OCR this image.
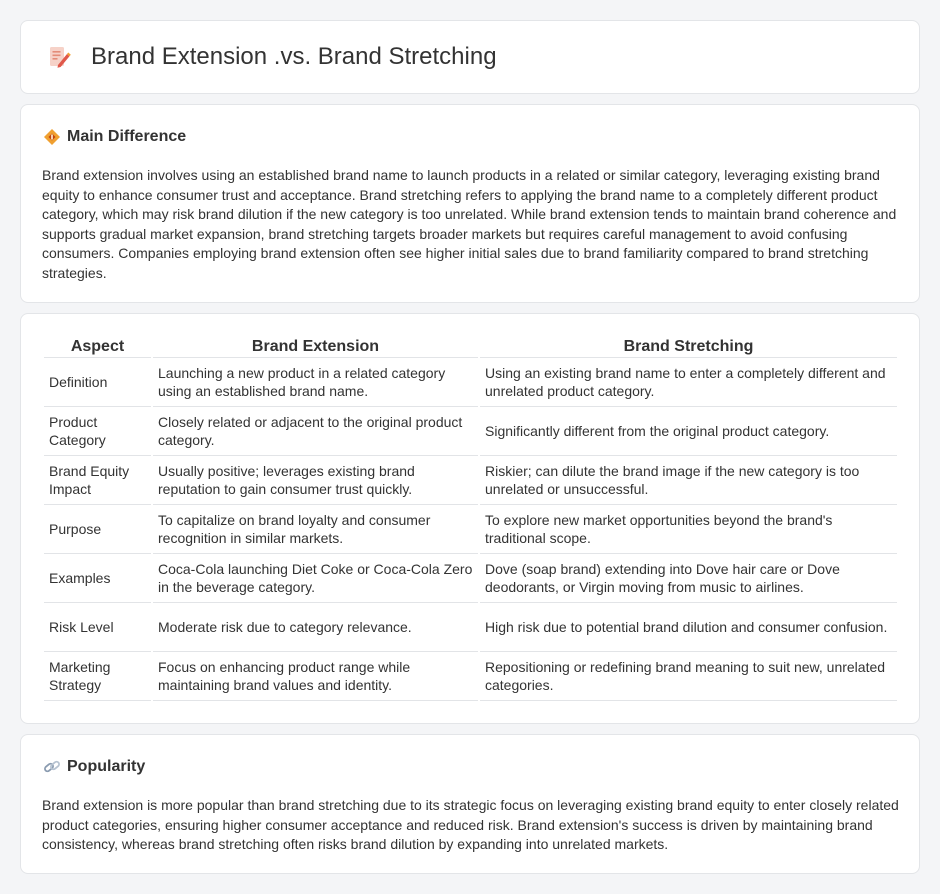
Brand Extension .vs. Brand Stretching
Main Difference

Brand extension involves using an established brand name to launch products in a related or similar category, leveraging existing brand equity to enhance consumer trust and acceptance. Brand stretching refers to applying the brand name to a completely different product category, which may risk brand dilution if the new category is too unrelated. While brand extension tends to maintain brand coherence and supports gradual market expansion, brand stretching targets broader markets but requires careful management to avoid confusing consumers. Companies employing brand extension often see higher initial sales due to brand familiarity compared to brand stretching strategies.

Aspect	Brand Extension	Brand Stretching
Definition	Launching a new product in a related category using an established brand name.	Using an existing brand name to enter a completely different and unrelated product category.
Product Category	Closely related or adjacent to the original product category.	Significantly different from the original product category.
Brand Equity Impact	Usually positive; leverages existing brand reputation to gain consumer trust quickly.	Riskier; can dilute the brand image if the new category is too unrelated or unsuccessful.
Purpose	To capitalize on brand loyalty and consumer recognition in similar markets.	To explore new market opportunities beyond the brand's traditional scope.
Examples	Coca-Cola launching Diet Coke or Coca-Cola Zero in the beverage category.	Dove (soap brand) extending into Dove hair care or Dove deodorants, or Virgin moving from music to airlines.
Risk Level	Moderate risk due to category relevance.	High risk due to potential brand dilution and consumer confusion.
Marketing Strategy	Focus on enhancing product range while maintaining brand values and identity.	Repositioning or redefining brand meaning to suit new, unrelated categories.
Popularity

Brand extension is more popular than brand stretching due to its strategic focus on leveraging existing brand equity to enter closely related product categories, ensuring higher consumer acceptance and reduced risk. Brand extension's success is driven by maintaining brand consistency, whereas brand stretching often risks brand dilution by expanding into unrelated markets.
